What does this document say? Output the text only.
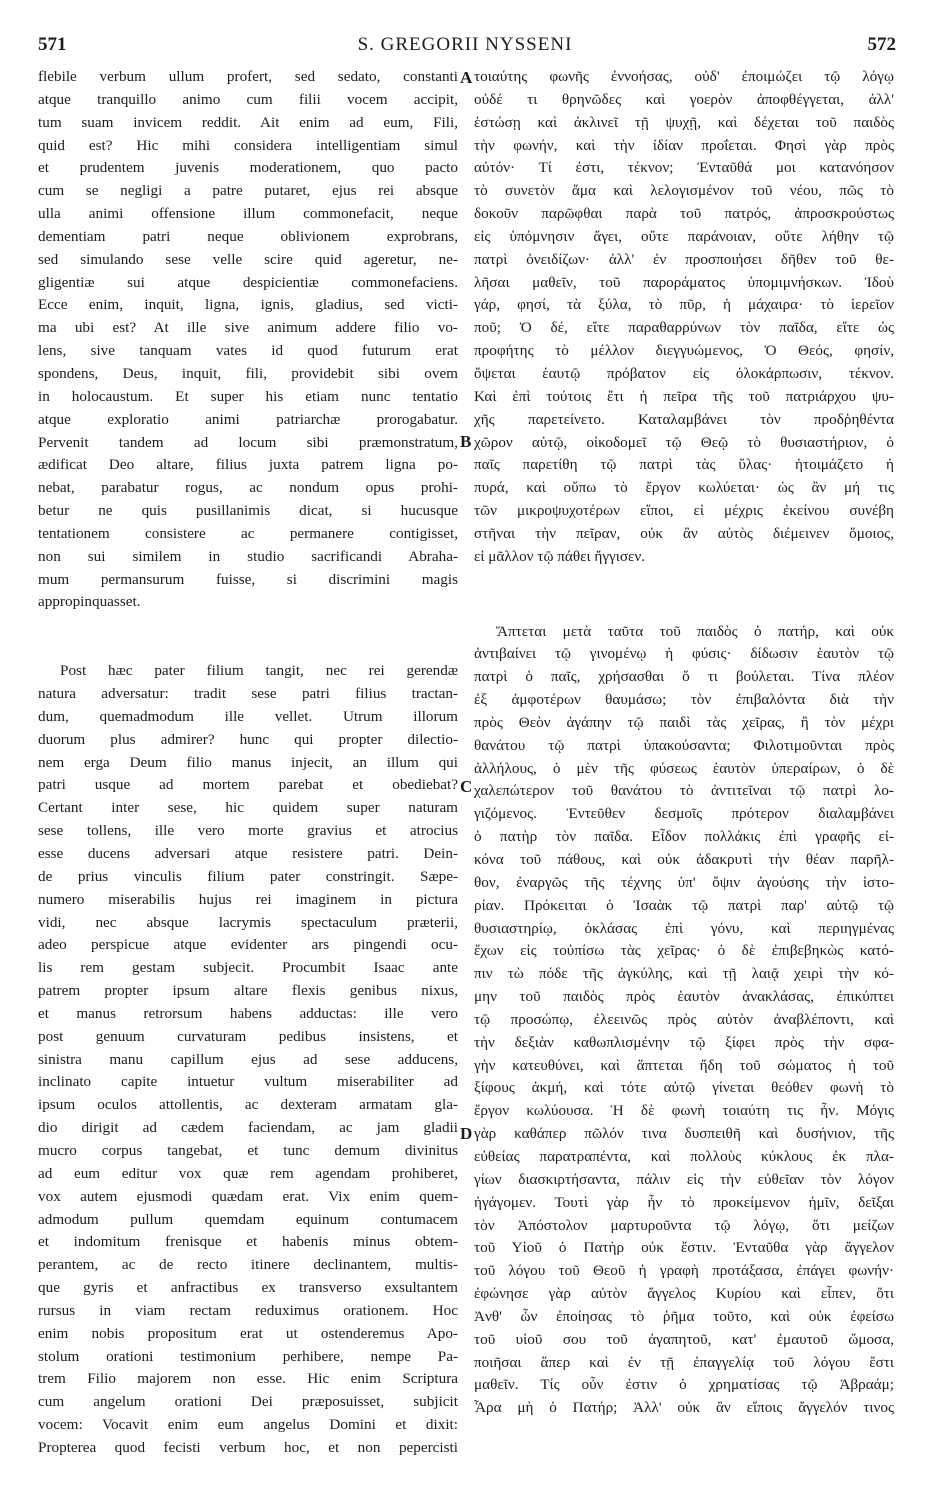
571	S. GREGORII NYSSENI	572
flebile verbum ullum profert, sed sedato, constanti
atque tranquillo animo cum filii vocem accipit,
tum suam invicem reddit. Ait enim ad eum, Fili,
quid est? Hic mihi considera intelligentiam simul
et prudentem juvenis moderationem, quo pacto
cum se negligi a patre putaret, ejus rei absque
ulla animi offensione illum commonefacit, neque
dementiam patri neque oblivionem exprobrans,
sed simulando sese velle scire quid ageretur, ne-
gligentiæ sui atque despicientiæ commonefaciens.
Ecce enim, inquit, ligna, ignis, gladius, sed victi-
ma ubi est? At ille sive animum addere filio vo-
lens, sive tanquam vates id quod futurum erat
spondens, Deus, inquit, fili, providebit sibi ovem
in holocaustum. Et super his etiam nunc tentatio
atque exploratio animi patriarchæ prorogabatur.
Pervenit tandem ad locum sibi præmonstratum,
ædificat Deo altare, filius juxta patrem ligna po-
nebat, parabatur rogus, ac nondum opus prohi-
betur ne quis pusillanimis dicat, si hucusque
tentationem consistere ac permanere contigisset,
non sui similem in studio sacrificandi Abraha-
mum permansurum fuisse, si discrimini magis
appropinquasset.
Post hæc pater filium tangit, nec rei gerendæ
natura adversatur: tradit sese patri filius tractan-
dum, quemadmodum ille vellet. Utrum illorum
duorum plus admirer? hunc qui propter dilectio-
nem erga Deum filio manus injecit, an illum qui
patri usque ad mortem parebat et obediebat?
Certant inter sese, hic quidem super naturam
sese tollens, ille vero morte gravius et atrocius
esse ducens adversari atque resistere patri. Dein-
de prius vinculis filium pater constringit. Sæpe-
numero miserabilis hujus rei imaginem in pictura
vidi, nec absque lacrymis spectaculum præterii,
adeo perspicue atque evidenter ars pingendi ocu-
lis rem gestam subjecit. Procumbit Isaac ante
patrem propter ipsum altare flexis genibus nixus,
et manus retrorsum habens adductas: ille vero
post genuum curvaturam pedibus insistens, et
sinistra manu capillum ejus ad sese adducens,
inclinato capite intuetur vultum miserabiliter ad
ipsum oculos attollentis, ac dexteram armatam gla-
dio dirigit ad cædem faciendam, ac jam gladii
mucro corpus tangebat, et tunc demum divinitus
ad eum editur vox quæ rem agendam prohiberet,
vox autem ejusmodi quædam erat. Vix enim quem-
admodum pullum quemdam equinum contumacem
et indomitum frenisque et habenis minus obtem-
perantem, ac de recto itinere declinantem, multis-
que gyris et anfractibus ex transverso exsultantem
rursus in viam rectam reduximus orationem. Hoc
enim nobis propositum erat ut ostenderemus Apo-
stolum orationi testimonium perhibere, nempe Pa-
trem Filio majorem non esse. Hic enim Scriptura
cum angelum orationi Dei præposuisset, subjicit
vocem: Vocavit enim eum angelus Domini et dixit:
Propterea quod fecisti verbum hoc, et non pepercisti
τοιαύτης φωνῆς ἐννοήσας, οὐδ' ἐποιμώζει τῷ λόγῳ
οὐδέ τι θρηνῶδες καὶ γοερὸν ἀποφθέγγεται, ἀλλ'
ἑστώσῃ καὶ ἀκλινεῖ τῇ ψυχῇ, καὶ δέχεται τοῦ παιδὸς
τὴν φωνήν, καὶ τὴν ἰδίαν προΐεται. Φησὶ γὰρ πρὸς
αὐτόν· Τί ἐστι, τέκνον; Ἐνταῦθά μοι κατανόησον
τὸ συνετὸν ἅμα καὶ λελογισμένον τοῦ νέου, πῶς τὸ
δοκοῦν παρῶφθαι παρὰ τοῦ πατρός, ἀπροσκρούστως
εἰς ὑπόμνησιν ἄγει, οὔτε παράνοιαν, οὔτε λήθην τῷ
πατρὶ ὀνειδίζων· ἀλλ' ἐν προσποιήσει δῆθεν τοῦ θε-
λῆσαι μαθεῖν, τοῦ παροράματος ὑπομιμνήσκων. Ἰδοὺ
γάρ, φησί, τὰ ξύλα, τὸ πῦρ, ἡ μάχαιρα· τὸ ἱερεῖον
ποῦ; Ὁ δέ, εἴτε παραθαρρύνων τὸν παῖδα, εἴτε ὡς
προφήτης τὸ μέλλον διεγγυώμενος, Ὁ Θεός, φησίν,
ὄψεται ἑαυτῷ πρόβατον εἰς ὁλοκάρπωσιν, τέκνον.
Καὶ ἐπὶ τούτοις ἔτι ἡ πεῖρα τῆς τοῦ πατριάρχου ψυ-
χῆς παρετείνετο. Καταλαμβάνει τὸν προδῥηθέντα
χῶρον αὐτῷ, οἰκοδομεῖ τῷ Θεῷ τὸ θυσιαστήριον, ὁ
παῖς παρετίθη τῷ πατρὶ τὰς ὕλας· ἡτοιμάζετο ἡ
πυρά, καὶ οὔπω τὸ ἔργον κωλύεται· ὡς ἂν μή τις
τῶν μικροψυχοτέρων εἴποι, εἰ μέχρις ἐκείνου συνέβη
στῆναι τὴν πεῖραν, οὐκ ἂν αὐτὸς διέμεινεν ὅμοιος,
εἰ μᾶλλον τῷ πάθει ἤγγισεν.
Ἅπτεται μετὰ ταῦτα τοῦ παιδὸς ὁ πατήρ, καὶ οὐκ
ἀντιβαίνει τῷ γινομένῳ ἡ φύσις· δίδωσιν ἑαυτὸν τῷ
πατρὶ ὁ παῖς, χρήσασθαι ὅ τι βούλεται. Τίνα πλέον
ἐξ ἀμφοτέρων θαυμάσω; τὸν ἐπιβαλόντα διὰ τὴν
πρὸς Θεὸν ἀγάπην τῷ παιδὶ τὰς χεῖρας, ἢ τὸν μέχρι
θανάτου τῷ πατρὶ ὑπακούσαντα; Φιλοτιμοῦνται πρὸς
ἀλλήλους, ὁ μὲν τῆς φύσεως ἑαυτὸν ὑπεραίρων, ὁ δὲ
χαλεπώτερον τοῦ θανάτου τὸ ἀντιτεῖναι τῷ πατρὶ λο-
γιζόμενος. Ἐντεῦθεν δεσμοῖς πρότερον διαλαμβάνει
ὁ πατὴρ τὸν παῖδα. Εἶδον πολλάκις ἐπὶ γραφῆς εἰ-
κόνα τοῦ πάθους, καὶ οὐκ ἀδακρυτὶ τὴν θέαν παρῆλ-
θον, ἐναργῶς τῆς τέχνης ὑπ' ὄψιν ἀγούσης τὴν ἱστο-
ρίαν. Πρόκειται ὁ Ἰσαὰκ τῷ πατρὶ παρ' αὐτῷ τῷ
θυσιαστηρίῳ, ὀκλάσας ἐπὶ γόνυ, καὶ περιηγμένας
ἔχων εἰς τοὐπίσω τὰς χεῖρας· ὁ δὲ ἐπιβεβηκὼς κατό-
πιν τὼ πόδε τῆς ἀγκύλης, καὶ τῇ λαιᾷ χειρὶ τὴν κό-
μην τοῦ παιδὸς πρὸς ἑαυτὸν ἀνακλάσας, ἐπικύπτει
τῷ προσώπῳ, ἐλεεινῶς πρὸς αὐτὸν ἀναβλέποντι, καὶ
τὴν δεξιὰν καθωπλισμένην τῷ ξίφει πρὸς τὴν σφα-
γὴν κατευθύνει, καὶ ἅπτεται ἤδη τοῦ σώματος ἡ τοῦ
ξίφους ἀκμή, καὶ τότε αὐτῷ γίνεται θεόθεν φωνὴ τὸ
ἔργον κωλύουσα. Ἡ δὲ φωνὴ τοιαύτη τις ἦν. Μόγις
γὰρ καθάπερ πῶλόν τινα δυσπειθῆ καὶ δυσήνιον, τῆς
εὐθείας παρατραπέντα, καὶ πολλοὺς κύκλους ἐκ πλα-
γίων διασκιρτήσαντα, πάλιν εἰς τὴν εὐθεῖαν τὸν λόγον
ἠγάγομεν. Τουτὶ γὰρ ἦν τὸ προκείμενον ἡμῖν, δεῖξαι
τὸν Ἀπόστολον μαρτυροῦντα τῷ λόγῳ, ὅτι μείζων
τοῦ Υἱοῦ ὁ Πατὴρ οὐκ ἔστιν. Ἐνταῦθα γὰρ ἄγγελον
τοῦ λόγου τοῦ Θεοῦ ἡ γραφὴ προτάξασα, ἐπάγει φωνήν·
ἐφώνησε γὰρ αὐτὸν ἄγγελος Κυρίου καὶ εἶπεν, ὅτι
Ἀνθ' ὧν ἐποίησας τὸ ῥῆμα τοῦτο, καὶ οὐκ ἐφείσω
τοῦ υἱοῦ σου τοῦ ἀγαπητοῦ, κατ' ἐμαυτοῦ ὤμοσα,
ποιῆσαι ἅπερ καὶ ἐν τῇ ἐπαγγελίᾳ τοῦ λόγου ἔστι
μαθεῖν. Τίς οὖν ἐστιν ὁ χρηματίσας τῷ Ἀβραάμ;
Ἆρα μὴ ὁ Πατήρ; Ἀλλ' οὐκ ἂν εἴποις ἄγγελόν τινος
A
B
C
D
